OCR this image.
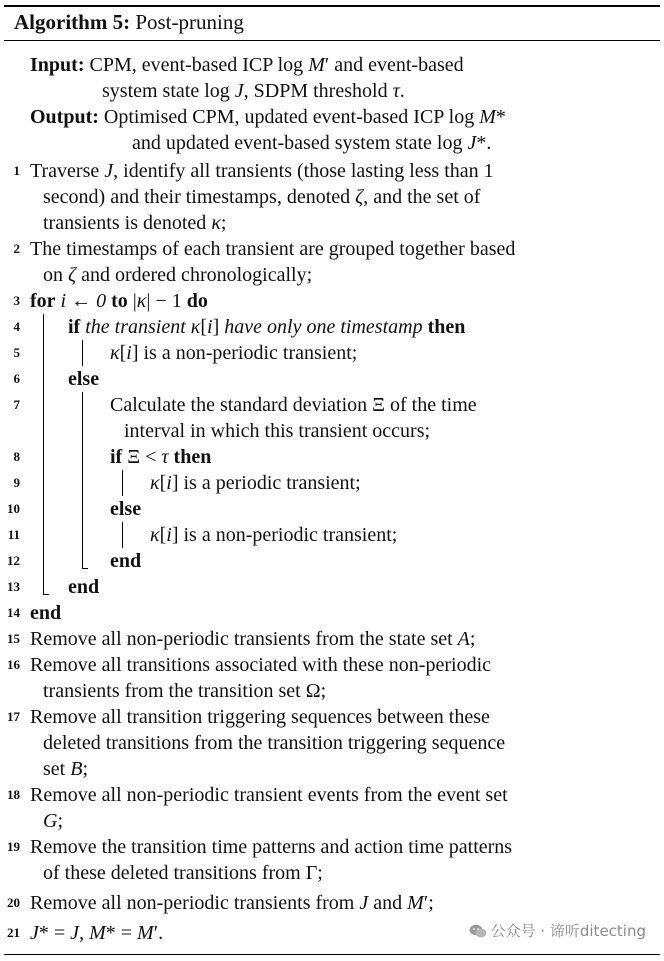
Algorithm 5: Post-pruning
Input: CPM, event-based ICP log M′ and event-based
system state log J, SDPM threshold τ.
Output: Optimised CPM, updated event-based ICP log M*
and updated event-based system state log J*.
1 Traverse J, identify all transients (those lasting less than 1
second) and their timestamps, denoted ζ, and the set of
transients is denoted κ;
2 The timestamps of each transient are grouped together based
on ζ and ordered chronologically;
3 for i ← 0 to |κ| − 1 do
4 if the transient κ[i] have only one timestamp then
5	κ[i] is a non-periodic transient;
6 else
7	Calculate the standard deviation Ξ of the time
interval in which this transient occurs;
8	if Ξ < τ then
9	κ[i] is a periodic transient;
10	else
11	κ[i] is a non-periodic transient;
12	end
13 end
14 end
15 Remove all non-periodic transients from the state set A;
16 Remove all transitions associated with these non-periodic
transients from the transition set Ω;
17 Remove all transition triggering sequences between these
deleted transitions from the transition triggering sequence
set B;
18 Remove all non-periodic transient events from the event set
G;
19 Remove the transition time patterns and action time patterns
of these deleted transitions from Γ;
20 Remove all non-periodic transients from J and M′;
21 J* = J, M* = M′.	公众号 · 谛听ditecting
